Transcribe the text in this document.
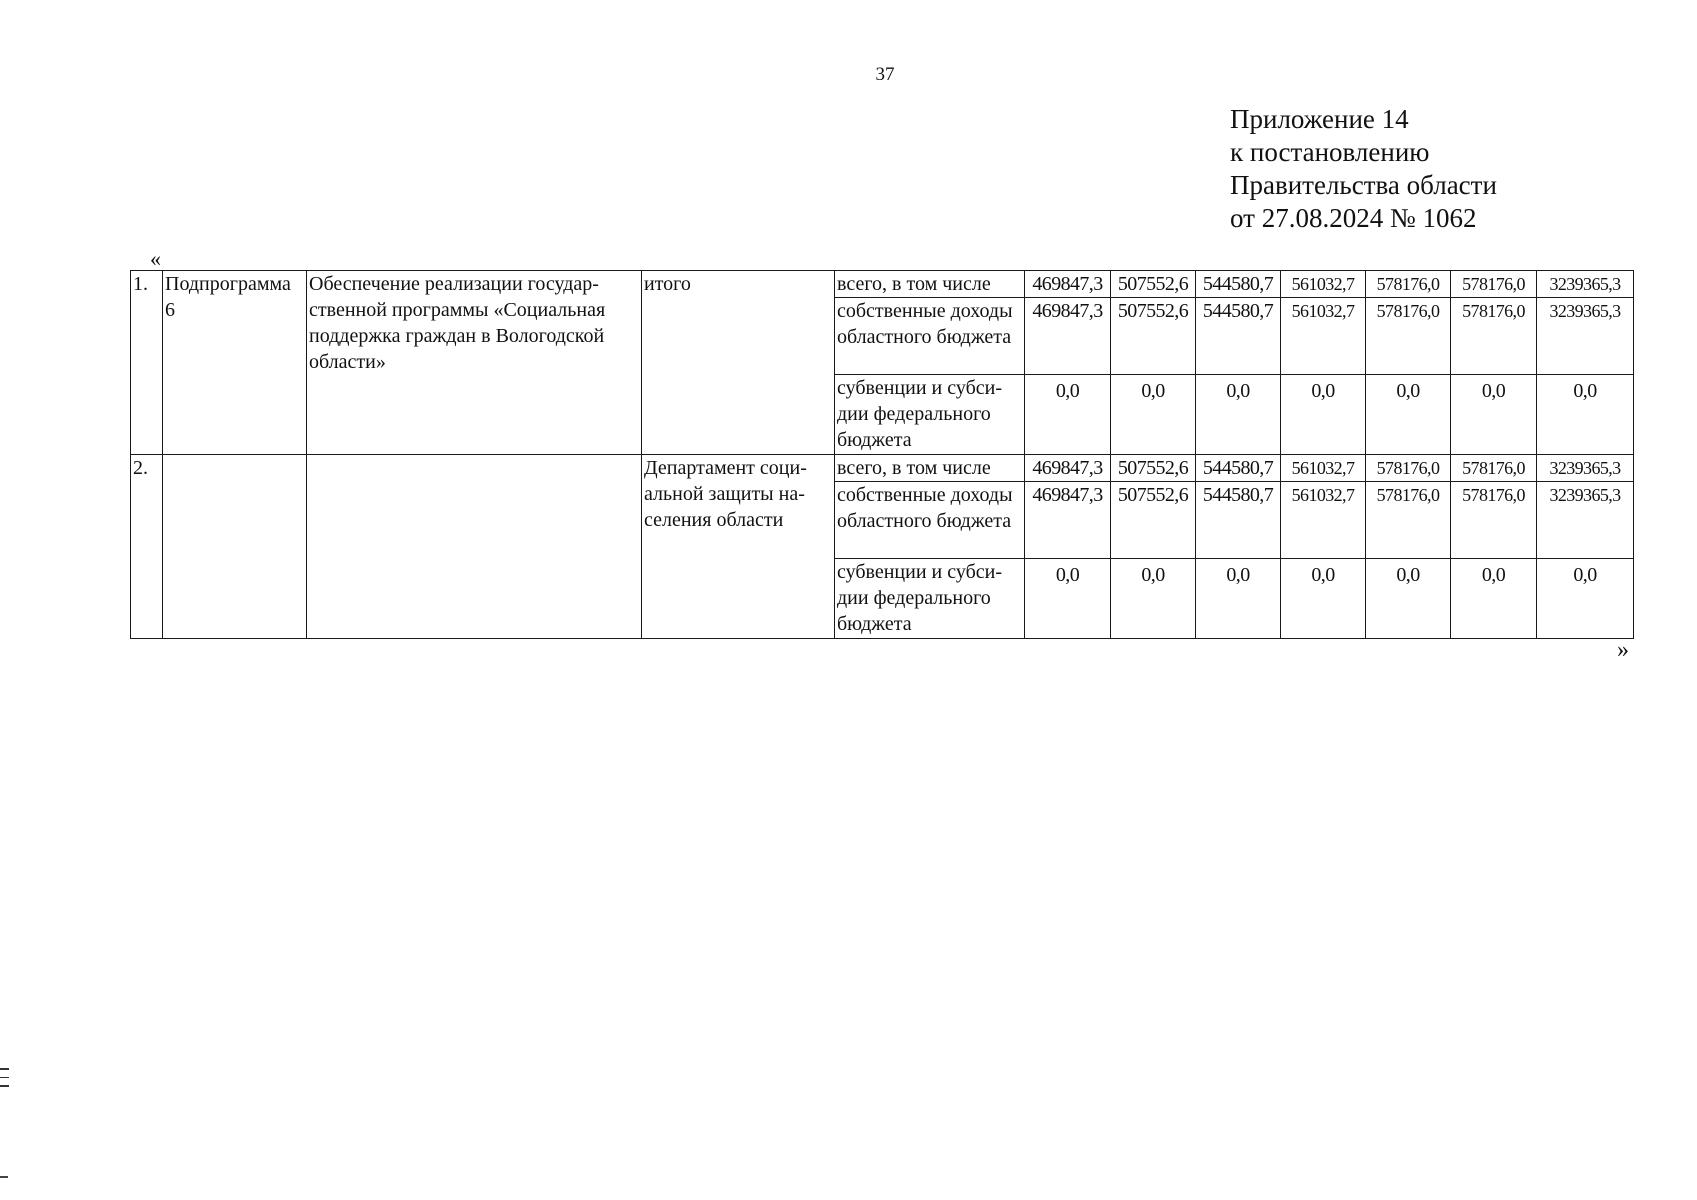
37
Приложение 14
к постановлению
Правительства области
от 27.08.2024 № 1062
«
1.	Подпрограмма 6	Обеспечение реализации государственной программы «Социальная поддержка граждан в Вологодской области»	итого	всего, в том числе	469847,3	507552,6	544580,7	561032,7	578176,0	578176,0	3239365,3
				собственные доходы областного бюджета	469847,3	507552,6	544580,7	561032,7	578176,0	578176,0	3239365,3
				субвенции и субсидии федерального бюджета	0,0	0,0	0,0	0,0	0,0	0,0	0,0
2.			Департамент социальной защиты населения области	всего, в том числе	469847,3	507552,6	544580,7	561032,7	578176,0	578176,0	3239365,3
				собственные доходы областного бюджета	469847,3	507552,6	544580,7	561032,7	578176,0	578176,0	3239365,3
				субвенции и субсидии федерального бюджета	0,0	0,0	0,0	0,0	0,0	0,0	0,0
»
